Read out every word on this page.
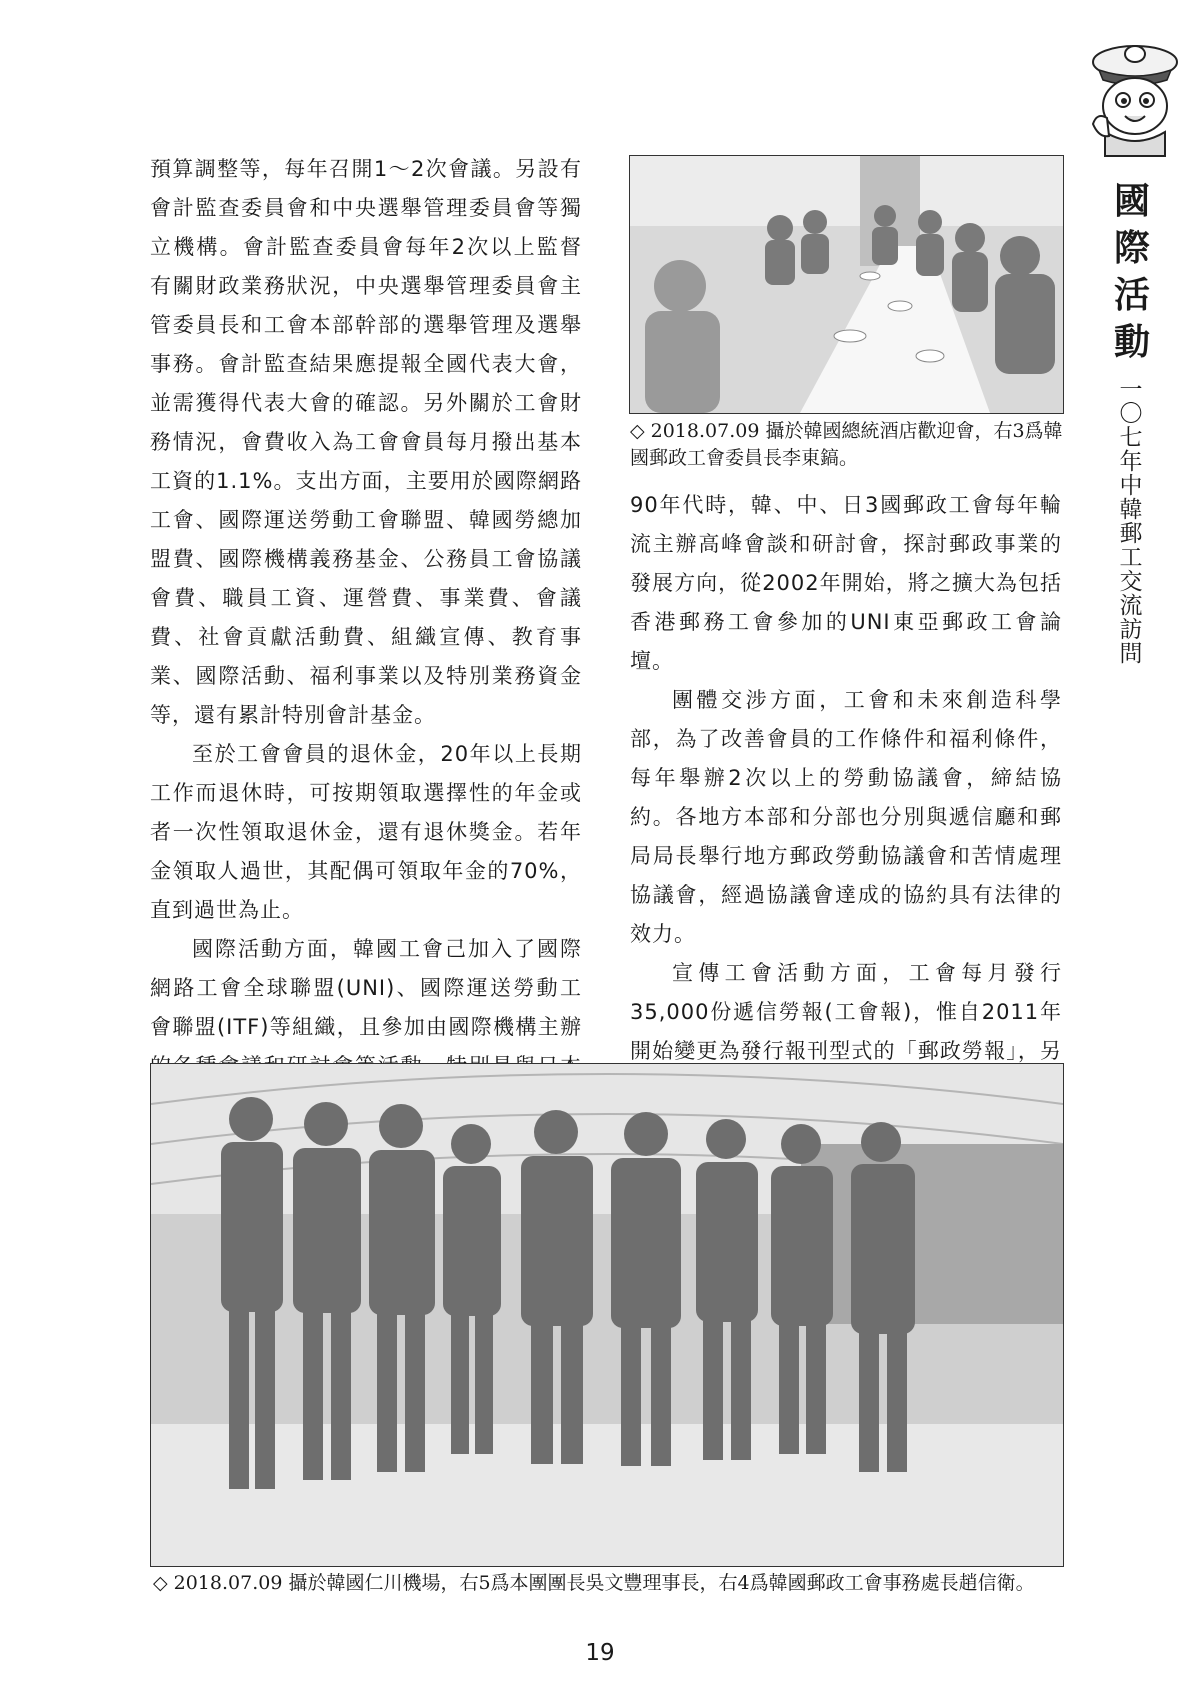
預算調整等，每年召開1～2次會議。另設有會計監查委員會和中央選舉管理委員會等獨立機構。會計監查委員會每年2次以上監督有關財政業務狀況，中央選舉管理委員會主管委員長和工會本部幹部的選舉管理及選舉事務。會計監查結果應提報全國代表大會，並需獲得代表大會的確認。另外關於工會財務情況，會費收入為工會會員每月撥出基本工資的1.1%。支出方面，主要用於國際網路工會、國際運送勞動工會聯盟、韓國勞總加盟費、國際機構義務基金、公務員工會協議會費、職員工資、運營費、事業費、會議費、社會貢獻活動費、組織宣傳、教育事業、國際活動、福利事業以及特別業務資金等，還有累計特別會計基金。

至於工會會員的退休金，20年以上長期工作而退休時，可按期領取選擇性的年金或者一次性領取退休金，還有退休獎金。若年金領取人過世，其配偶可領取年金的70%，直到過世為止。

國際活動方面，韓國工會己加入了國際網路工會全球聯盟(UNI)、國際運送勞動工會聯盟(ITF)等組織，且參加由國際機構主辦

◇ 2018.07.09 攝於韓國總統酒店歡迎會，右3爲韓國郵政工會委員長李東鎬。

90年代時，韓、中、日3國郵政工會每年輪流主辦高峰會談和研討會，探討郵政事業的發展方向，從2002年開始，將之擴大為包括香港郵務工會參加的UNI東亞郵政工會論壇。

團體交涉方面，工會和未來創造科學部，為了改善會員的工作條件和福利條件，每年舉辦2次以上的勞動協議會，締結協約。各地方本部和分部也分別與遞信廳和郵局局長舉行地方郵政勞動協議會和苦情處理協議會，經過協議會達成的協約具有法律的效力。

宣傳工會活動方面，工會每月發行35,000份遞信勞報(工會報)，惟自2011年開始變更為發行報刊型式的「郵政勞報」，另

國際活動
一〇七年中韓郵工交流訪問
◇ 2018.07.09 攝於韓國仁川機場，右5爲本團團長吳文豐理事長，右4爲韓國郵政工會事務處長趙信衛。
19
